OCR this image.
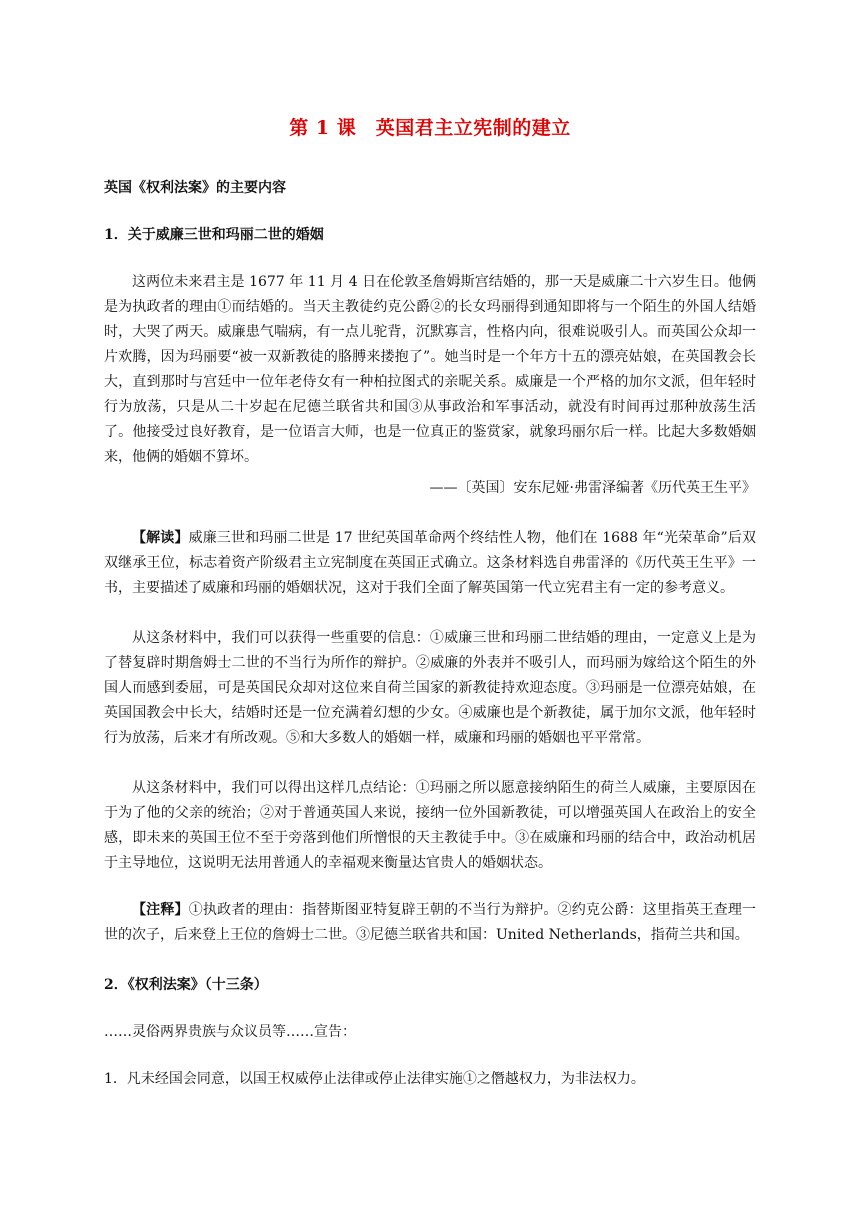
第 1 课　英国君主立宪制的建立

英国《权利法案》的主要内容

1．关于威廉三世和玛丽二世的婚姻

这两位未来君主是 1677 年 11 月 4 日在伦敦圣詹姆斯宫结婚的，那一天是威廉二十六岁生日。他俩是为执政者的理由①而结婚的。当天主教徒约克公爵②的长女玛丽得到通知即将与一个陌生的外国人结婚时，大哭了两天。威廉患气喘病，有一点儿驼背，沉默寡言，性格内向，很难说吸引人。而英国公众却一片欢腾，因为玛丽要“被一双新教徒的胳膊来搂抱了”。她当时是一个年方十五的漂亮姑娘，在英国教会长大，直到那时与宫廷中一位年老侍女有一种柏拉图式的亲昵关系。威廉是一个严格的加尔文派，但年轻时行为放荡，只是从二十岁起在尼德兰联省共和国③从事政治和军事活动，就没有时间再过那种放荡生活了。他接受过良好教育，是一位语言大师，也是一位真正的鉴赏家，就象玛丽尔后一样。比起大多数婚姻来，他俩的婚姻不算坏。

——〔英国〕安东尼娅·弗雷泽编著《历代英王生平》

【解读】威廉三世和玛丽二世是 17 世纪英国革命两个终结性人物，他们在 1688 年“光荣革命”后双双继承王位，标志着资产阶级君主立宪制度在英国正式确立。这条材料选自弗雷泽的《历代英王生平》一书，主要描述了威廉和玛丽的婚姻状况，这对于我们全面了解英国第一代立宪君主有一定的参考意义。

从这条材料中，我们可以获得一些重要的信息：①威廉三世和玛丽二世结婚的理由，一定意义上是为了替复辟时期詹姆士二世的不当行为所作的辩护。②威廉的外表并不吸引人，而玛丽为嫁给这个陌生的外国人而感到委屈，可是英国民众却对这位来自荷兰国家的新教徒持欢迎态度。③玛丽是一位漂亮姑娘，在英国国教会中长大，结婚时还是一位充满着幻想的少女。④威廉也是个新教徒，属于加尔文派，他年轻时行为放荡，后来才有所改观。⑤和大多数人的婚姻一样，威廉和玛丽的婚姻也平平常常。

从这条材料中，我们可以得出这样几点结论：①玛丽之所以愿意接纳陌生的荷兰人威廉，主要原因在于为了他的父亲的统治；②对于普通英国人来说，接纳一位外国新教徒，可以增强英国人在政治上的安全感，即未来的英国王位不至于旁落到他们所憎恨的天主教徒手中。③在威廉和玛丽的结合中，政治动机居于主导地位，这说明无法用普通人的幸福观来衡量达官贵人的婚姻状态。

【注释】①执政者的理由：指替斯图亚特复辟王朝的不当行为辩护。②约克公爵：这里指英王查理一世的次子，后来登上王位的詹姆士二世。③尼德兰联省共和国：United Netherlands，指荷兰共和国。

2．《权利法案》（十三条）

……灵俗两界贵族与众议员等……宣告：

1．凡未经国会同意，以国王权威停止法律或停止法律实施①之僭越权力，为非法权力。
